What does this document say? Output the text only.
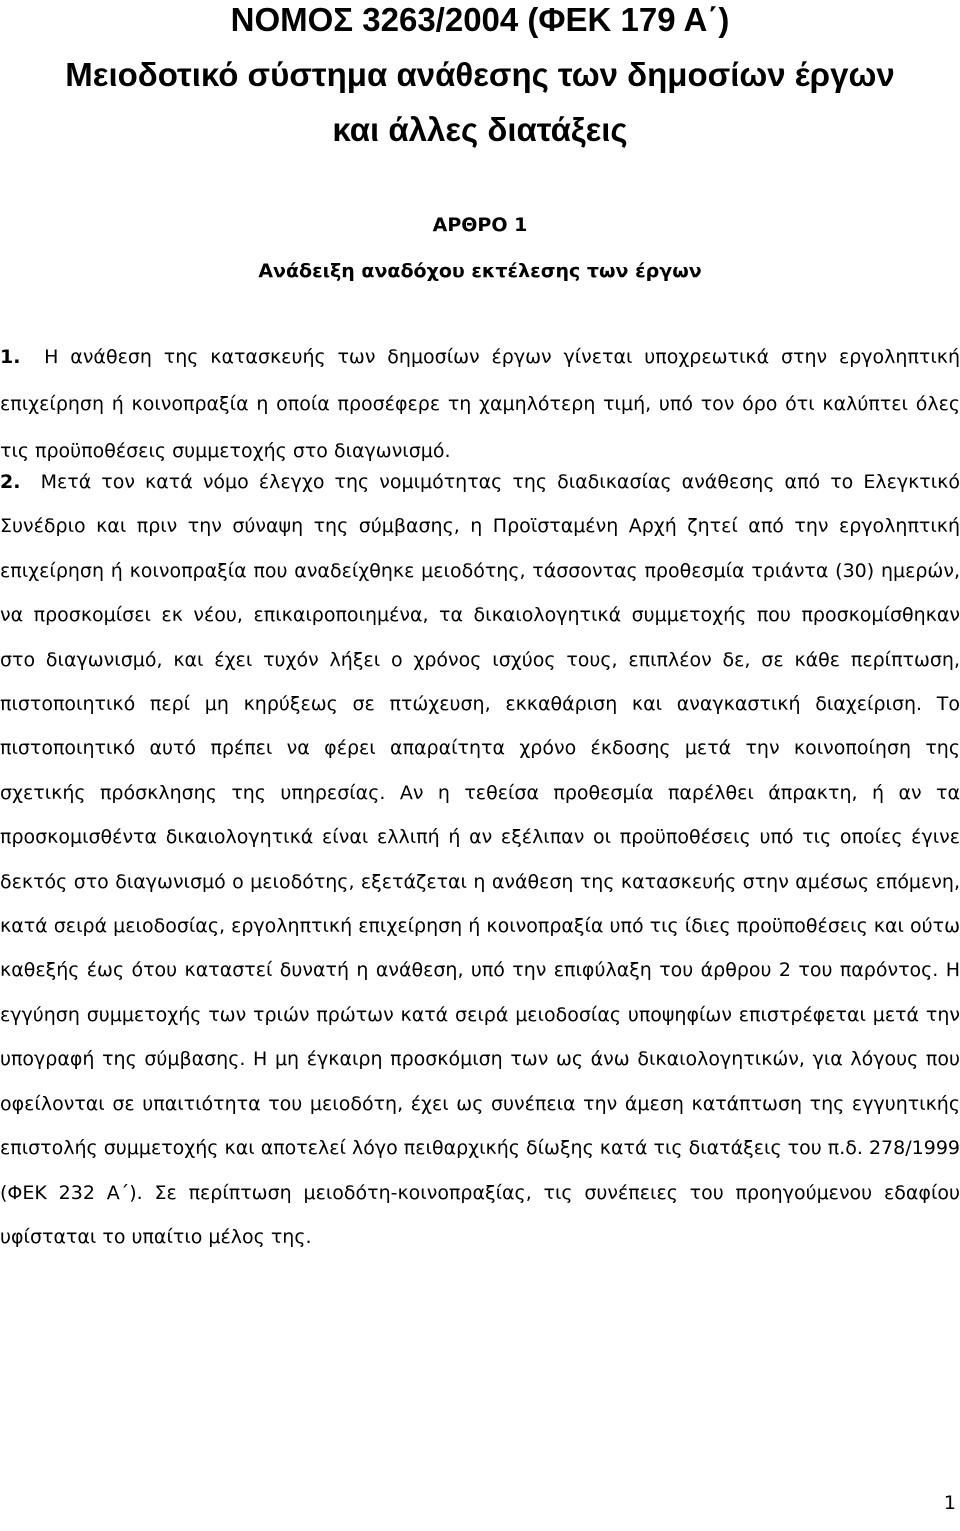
ΝΟΜΟΣ 3263/2004 (ΦΕΚ 179 Α΄)
Μειοδοτικό σύστημα ανάθεσης των δημοσίων έργων
και άλλες διατάξεις
ΑΡΘΡΟ 1
Ανάδειξη αναδόχου εκτέλεσης των έργων

1. Η ανάθεση της κατασκευής των δημοσίων έργων γίνεται υποχρεωτικά στην εργοληπτική επιχείρηση ή κοινοπραξία η οποία προσέφερε τη χαμηλότερη τιμή, υπό τον όρο ότι καλύπτει όλες τις προϋποθέσεις συμμετοχής στο διαγωνισμό.

2. Μετά τον κατά νόμο έλεγχο της νομιμότητας της διαδικασίας ανάθεσης από το Ελεγκτικό Συνέδριο και πριν την σύναψη της σύμβασης, η Προϊσταμένη Αρχή ζητεί από την εργοληπτική επιχείρηση ή κοινοπραξία που αναδείχθηκε μειοδότης, τάσσοντας προθεσμία τριάντα (30) ημερών, να προσκομίσει εκ νέου, επικαιροποιημένα, τα δικαιολογητικά συμμετοχής που προσκομίσθηκαν στο διαγωνισμό, και έχει τυχόν λήξει ο χρόνος ισχύος τους, επιπλέον δε, σε κάθε περίπτωση, πιστοποιητικό περί μη κηρύξεως σε πτώχευση, εκκαθάριση και αναγκαστική διαχείριση. Το πιστοποιητικό αυτό πρέπει να φέρει απαραίτητα χρόνο έκδοσης μετά την κοινοποίηση της σχετικής πρόσκλησης της υπηρεσίας. Αν η τεθείσα προθεσμία παρέλθει άπρακτη, ή αν τα προσκομισθέντα δικαιολογητικά είναι ελλιπή ή αν εξέλιπαν οι προϋποθέσεις υπό τις οποίες έγινε δεκτός στο διαγωνισμό ο μειοδότης, εξετάζεται η ανάθεση της κατασκευής στην αμέσως επόμενη, κατά σειρά μειοδοσίας, εργοληπτική επιχείρηση ή κοινοπραξία υπό τις ίδιες προϋποθέσεις και ούτω καθεξής έως ότου καταστεί δυνατή η ανάθεση, υπό την επιφύλαξη του άρθρου 2 του παρόντος. Η εγγύηση συμμετοχής των τριών πρώτων κατά σειρά μειοδοσίας υποψηφίων επιστρέφεται μετά την υπογραφή της σύμβασης. Η μη έγκαιρη προσκόμιση των ως άνω δικαιολογητικών, για λόγους που οφείλονται σε υπαιτιότητα του μειοδότη, έχει ως συνέπεια την άμεση κατάπτωση της εγγυητικής επιστολής συμμετοχής και αποτελεί λόγο πειθαρχικής δίωξης κατά τις διατάξεις του π.δ. 278/1999 (ΦΕΚ 232 Α΄). Σε περίπτωση μειοδότη-κοινοπραξίας, τις συνέπειες του προηγούμενου εδαφίου υφίσταται το υπαίτιο μέλος της.

1
